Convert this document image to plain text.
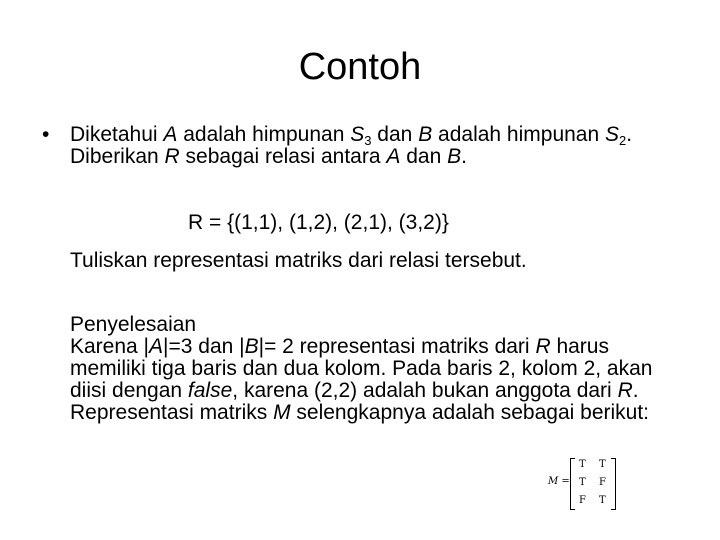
Contoh
• Diketahui A adalah himpunan $S_3$ dan B adalah himpunan $S_2$. Diberikan R sebagai relasi antara A dan B.
R = {(1,1), (1,2), (2,1), (3,2)}
Tuliskan representasi matriks dari relasi tersebut.
Penyelesaian
Karena |A|=3 dan |B|= 2 representasi matriks dari R harus memiliki tiga baris dan dua kolom. Pada baris 2, kolom 2, akan diisi dengan false, karena (2,2) adalah bukan anggota dari R. Representasi matriks M selengkapnya adalah sebagai berikut:
M =
T T
T F
F T
